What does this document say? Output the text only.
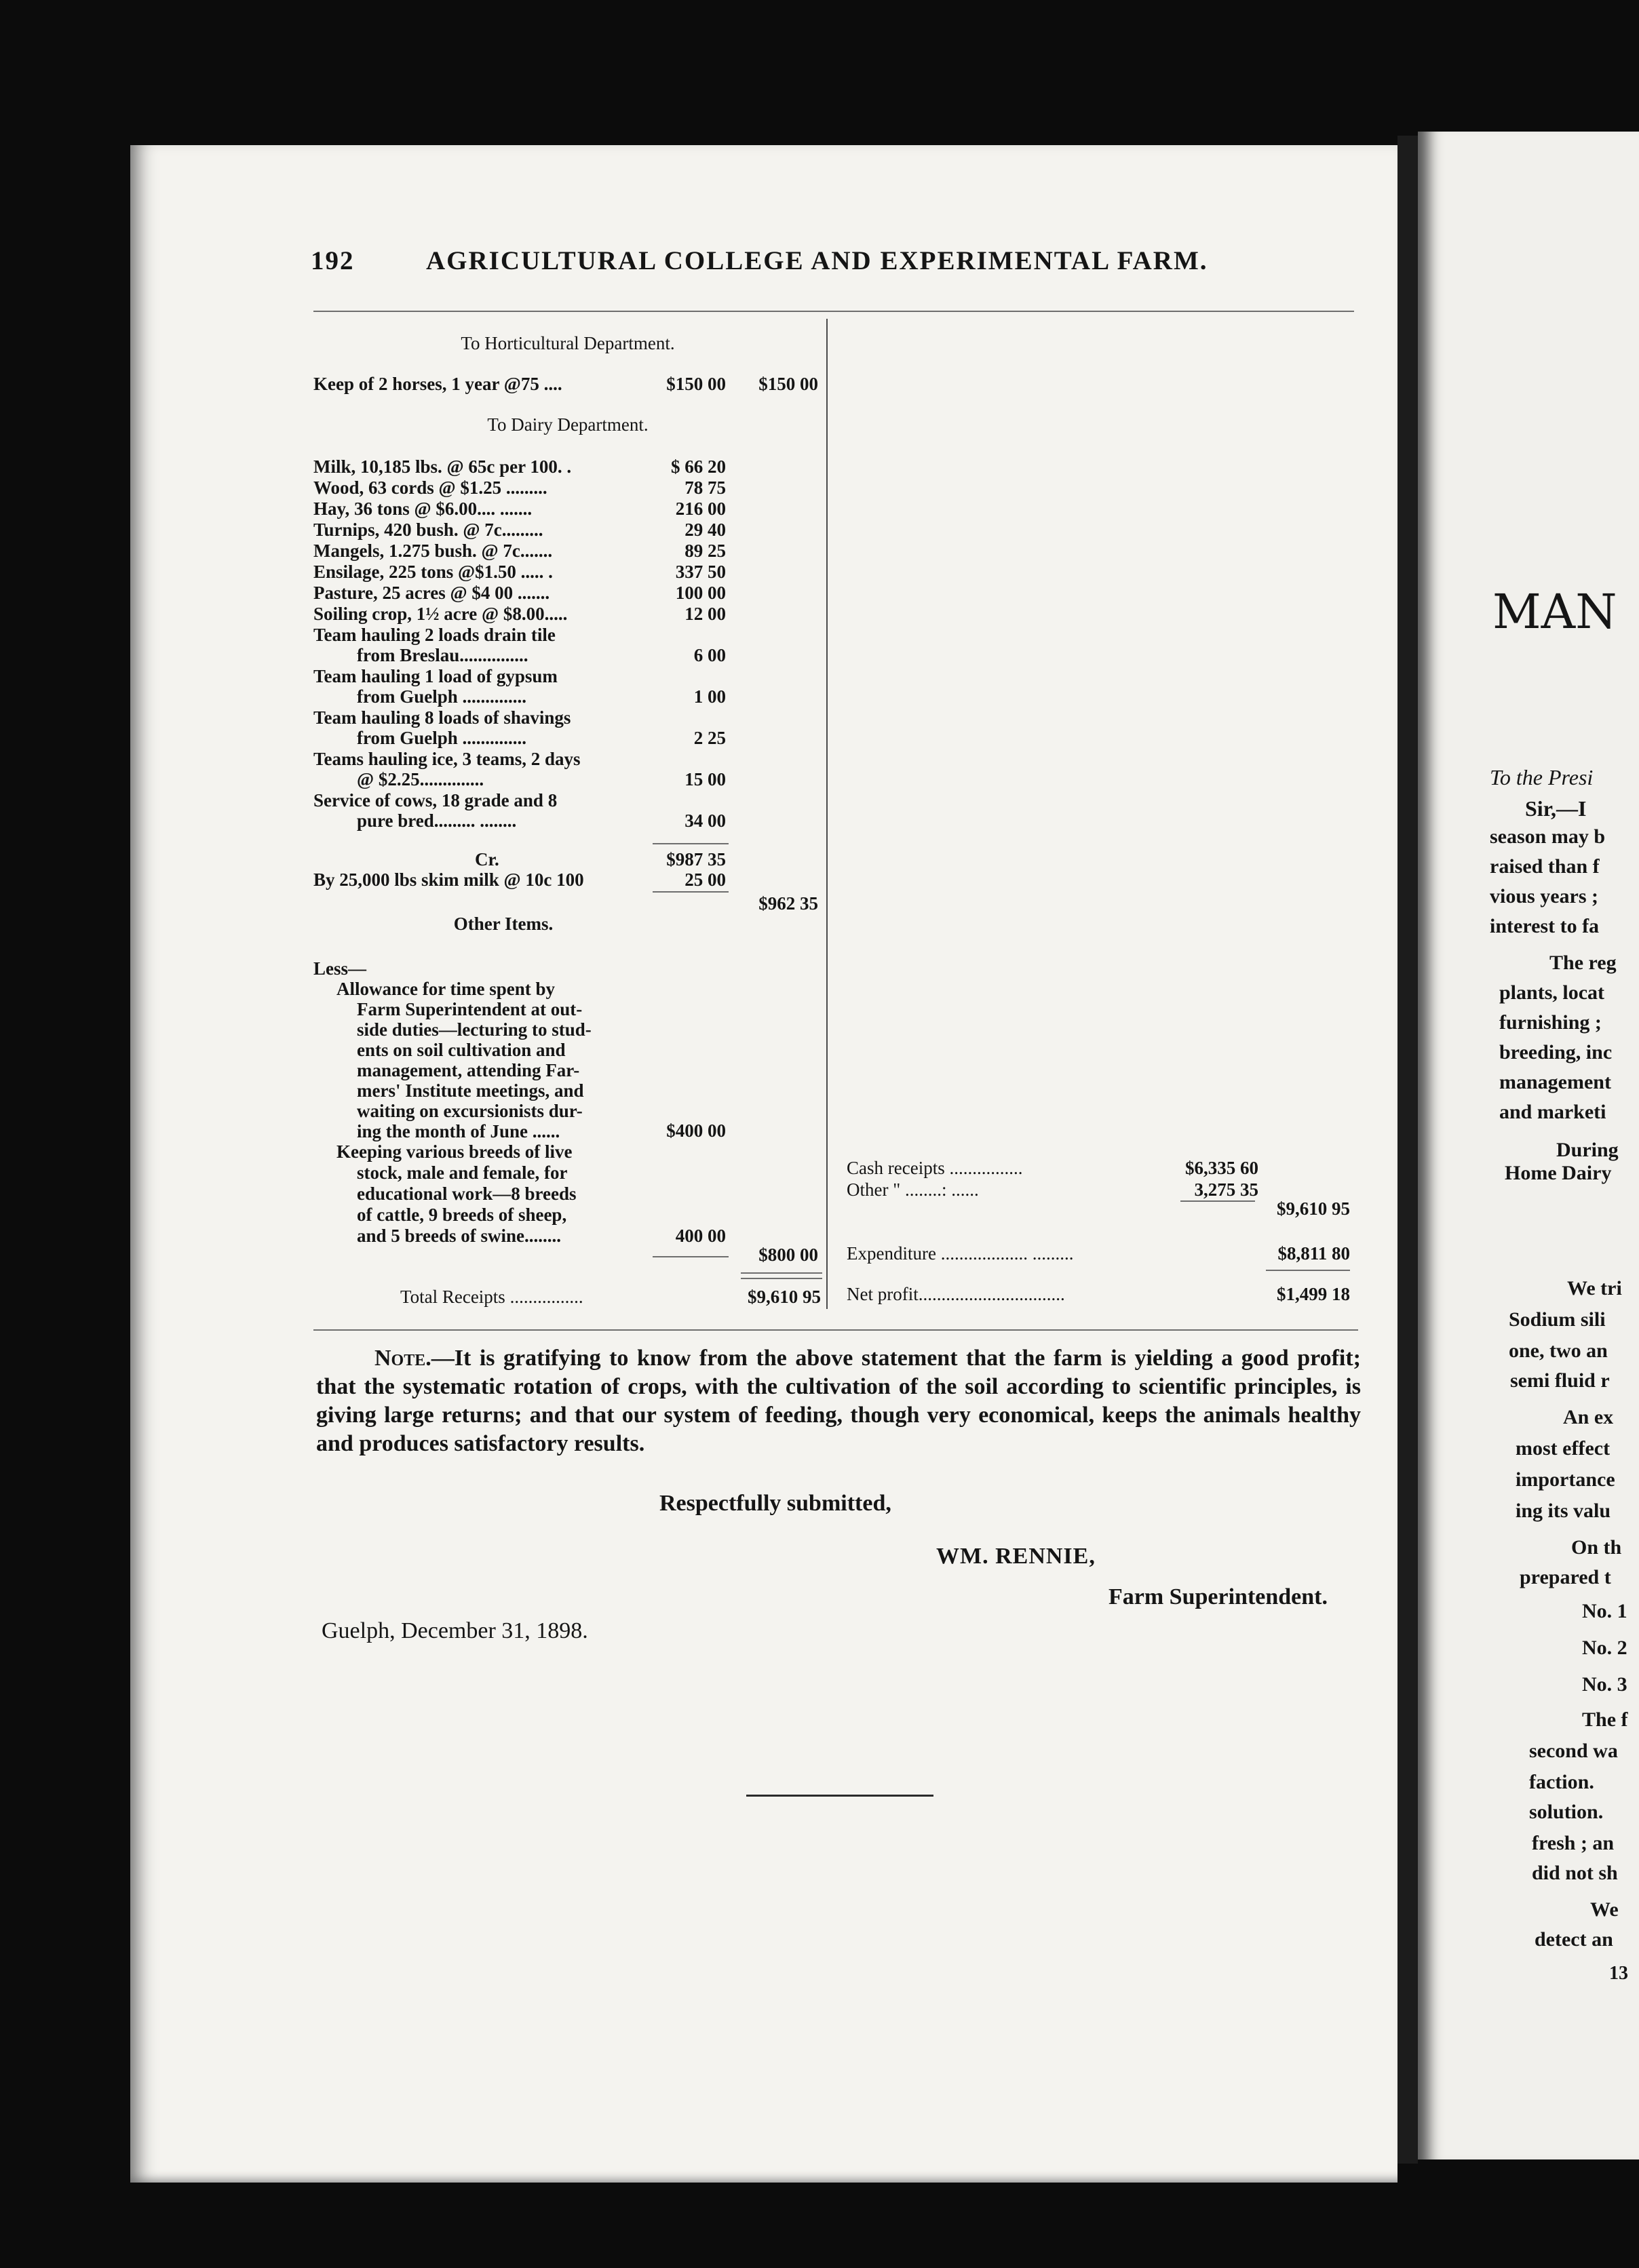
192	AGRICULTURAL COLLEGE AND EXPERIMENTAL FARM.
To Horticultural Department.
Keep of 2 horses, 1 year @75 ....	$150 00	$150 00
To Dairy Department.
Milk, 10,185 lbs. @ 65c per 100. .	$ 66 20
Wood, 63 cords @ $1.25 .........	78 75
Hay, 36 tons @ $6.00.... .......	216 00
Turnips, 420 bush. @ 7c.........	29 40
Mangels, 1.275 bush. @ 7c.......	89 25
Ensilage, 225 tons @$1.50 ..... .	337 50
Pasture, 25 acres @ $4 00 .......	100 00
Soiling crop, 1½ acre @ $8.00.....	12 00
Team hauling 2 loads drain tile
from Breslau...............	6 00
Team hauling 1 load of gypsum
from Guelph ..............	1 00
Team hauling 8 loads of shavings
from Guelph ..............	2 25
Teams hauling ice, 3 teams, 2 days
@ $2.25..............	15 00
Service of cows, 18 grade and 8
pure bred......... ........	34 00
Cr.	$987 35
By 25,000 lbs skim milk @ 10c 100	25 00
$962 35
Other Items.
Less—
Allowance for time spent by
Farm Superintendent at out-
side duties—lecturing to stud-
ents on soil cultivation and
management, attending Far-
mers' Institute meetings, and
waiting on excursionists dur-
ing the month of June ......	$400 00
Keeping various breeds of live
stock, male and female, for
educational work—8 breeds
of cattle, 9 breeds of sheep,
and 5 breeds of swine........	400 00
$800 00
Total Receipts ................	$9,610 95
Cash receipts ................	$6,335 60
Other " ........: ......	3,275 35
$9,610 95
Expenditure ................... .........	$8,811 80
Net profit................................	$1,499 18
Note.—It is gratifying to know from the above statement that the farm is yielding a good profit; that the systematic rotation of crops, with the cultivation of the soil according to scientific principles, is giving large returns; and that our system of feeding, though very economical, keeps the animals healthy and produces satisfactory results.
Respectfully submitted,
WM. RENNIE,
Farm Superintendent.
Guelph, December 31, 1898.
MAN
To the Presi
Sir,—I
season may b
raised than f
vious years ;
interest to fa
The reg
plants, locat
furnishing ;
breeding, inc
management
and marketi
During
Home Dairy
We tri
Sodium sili
one, two an
semi fluid r
An ex
most effect
importance
ing its valu
On th
prepared t
No. 1
No. 2
No. 3
The f
second wa
faction.
solution.
fresh ; an
did not sh
We
detect an
13
